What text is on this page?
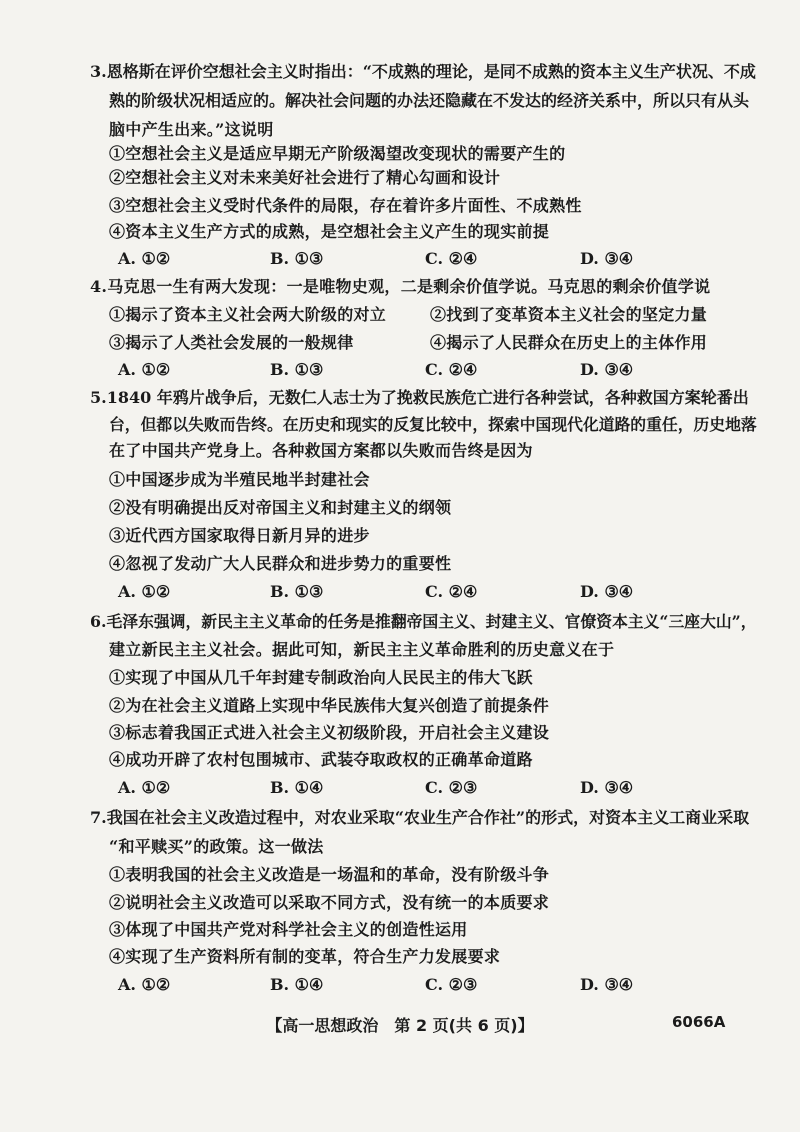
3.恩格斯在评价空想社会主义时指出：“不成熟的理论，是同不成熟的资本主义生产状况、不成
熟的阶级状况相适应的。解决社会问题的办法还隐藏在不发达的经济关系中，所以只有从头
脑中产生出来。”这说明
①空想社会主义是适应早期无产阶级渴望改变现状的需要产生的
②空想社会主义对未来美好社会进行了精心勾画和设计
③空想社会主义受时代条件的局限，存在着许多片面性、不成熟性
④资本主义生产方式的成熟，是空想社会主义产生的现实前提
A. ①②	B. ①③	C. ②④	D. ③④
4.马克思一生有两大发现：一是唯物史观，二是剩余价值学说。马克思的剩余价值学说
①揭示了资本主义社会两大阶级的对立	②找到了变革资本主义社会的坚定力量
③揭示了人类社会发展的一般规律	④揭示了人民群众在历史上的主体作用
A. ①②	B. ①③	C. ②④	D. ③④
5.1840 年鸦片战争后，无数仁人志士为了挽救民族危亡进行各种尝试，各种救国方案轮番出
台，但都以失败而告终。在历史和现实的反复比较中，探索中国现代化道路的重任，历史地落
在了中国共产党身上。各种救国方案都以失败而告终是因为
①中国逐步成为半殖民地半封建社会
②没有明确提出反对帝国主义和封建主义的纲领
③近代西方国家取得日新月异的进步
④忽视了发动广大人民群众和进步势力的重要性
A. ①②	B. ①③	C. ②④	D. ③④
6.毛泽东强调，新民主主义革命的任务是推翻帝国主义、封建主义、官僚资本主义“三座大山”，
建立新民主主义社会。据此可知，新民主主义革命胜利的历史意义在于
①实现了中国从几千年封建专制政治向人民民主的伟大飞跃
②为在社会主义道路上实现中华民族伟大复兴创造了前提条件
③标志着我国正式进入社会主义初级阶段，开启社会主义建设
④成功开辟了农村包围城市、武装夺取政权的正确革命道路
A. ①②	B. ①④	C. ②③	D. ③④
7.我国在社会主义改造过程中，对农业采取“农业生产合作社”的形式，对资本主义工商业采取
“和平赎买”的政策。这一做法
①表明我国的社会主义改造是一场温和的革命，没有阶级斗争
②说明社会主义改造可以采取不同方式，没有统一的本质要求
③体现了中国共产党对科学社会主义的创造性运用
④实现了生产资料所有制的变革，符合生产力发展要求
A. ①②	B. ①④	C. ②③	D. ③④
【高一思想政治　第 2 页(共 6 页)】	6066A
